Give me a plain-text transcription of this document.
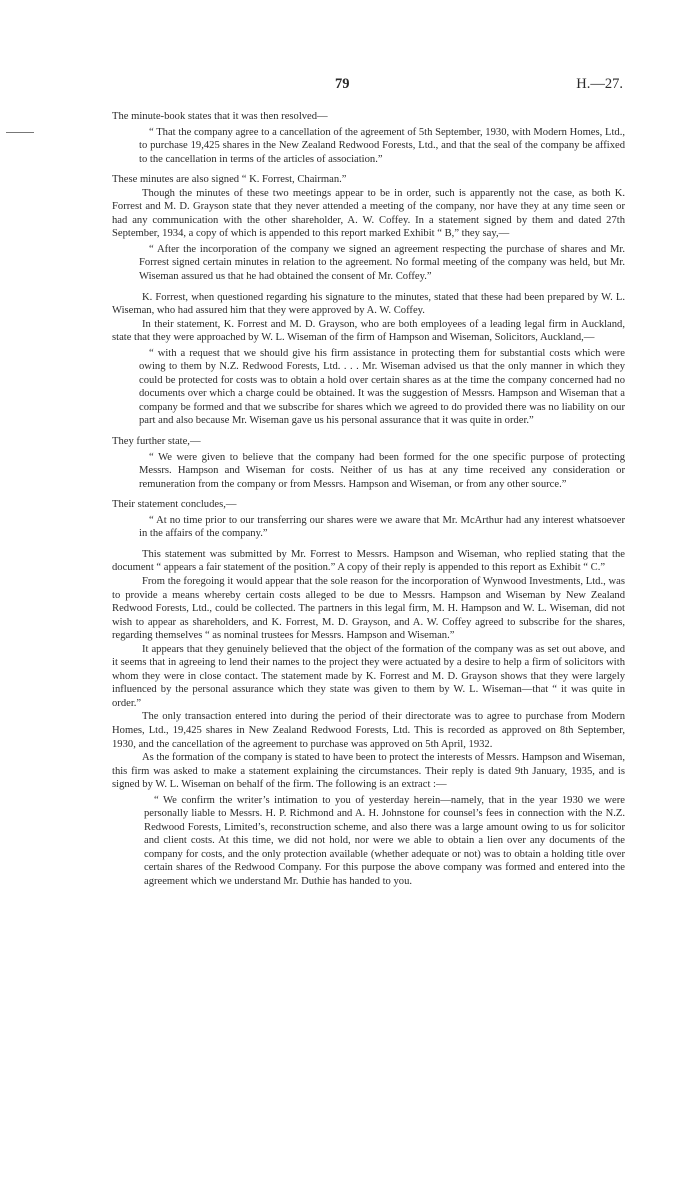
79	H.—27.

The minute-book states that it was then resolved—

“ That the company agree to a cancellation of the agreement of 5th September, 1930, with Modern Homes, Ltd., to purchase 19,425 shares in the New Zealand Redwood Forests, Ltd., and that the seal of the company be affixed to the cancellation in terms of the articles of association.”

These minutes are also signed “ K. Forrest, Chairman.”

Though the minutes of these two meetings appear to be in order, such is apparently not the case, as both K. Forrest and M. D. Grayson state that they never attended a meeting of the company, nor have they at any time seen or had any communication with the other shareholder, A. W. Coffey. In a statement signed by them and dated 27th September, 1934, a copy of which is appended to this report marked Exhibit “ B,” they say,—

“ After the incorporation of the company we signed an agreement respecting the purchase of shares and Mr. Forrest signed certain minutes in relation to the agreement. No formal meeting of the company was held, but Mr. Wiseman assured us that he had obtained the consent of Mr. Coffey.”

K. Forrest, when questioned regarding his signature to the minutes, stated that these had been prepared by W. L. Wiseman, who had assured him that they were approved by A. W. Coffey.

In their statement, K. Forrest and M. D. Grayson, who are both employees of a leading legal firm in Auckland, state that they were approached by W. L. Wiseman of the firm of Hampson and Wiseman, Solicitors, Auckland,—

“ with a request that we should give his firm assistance in protecting them for substantial costs which were owing to them by N.Z. Redwood Forests, Ltd. . . . Mr. Wiseman advised us that the only manner in which they could be protected for costs was to obtain a hold over certain shares as at the time the company concerned had no documents over which a charge could be obtained. It was the suggestion of Messrs. Hampson and Wiseman that a company be formed and that we subscribe for shares which we agreed to do provided there was no liability on our part and also because Mr. Wiseman gave us his personal assurance that it was quite in order.”

They further state,—

“ We were given to believe that the company had been formed for the one specific purpose of protecting Messrs. Hampson and Wiseman for costs. Neither of us has at any time received any consideration or remuneration from the company or from Messrs. Hampson and Wiseman, or from any other source.”

Their statement concludes,—

“ At no time prior to our transferring our shares were we aware that Mr. McArthur had any interest whatsoever in the affairs of the company.”

This statement was submitted by Mr. Forrest to Messrs. Hampson and Wiseman, who replied stating that the document “ appears a fair statement of the position.” A copy of their reply is appended to this report as Exhibit “ C.”

From the foregoing it would appear that the sole reason for the incorporation of Wynwood Investments, Ltd., was to provide a means whereby certain costs alleged to be due to Messrs. Hampson and Wiseman by New Zealand Redwood Forests, Ltd., could be collected. The partners in this legal firm, M. H. Hampson and W. L. Wiseman, did not wish to appear as shareholders, and K. Forrest, M. D. Grayson, and A. W. Coffey agreed to subscribe for the shares, regarding themselves “ as nominal trustees for Messrs. Hampson and Wiseman.”

It appears that they genuinely believed that the object of the formation of the company was as set out above, and it seems that in agreeing to lend their names to the project they were actuated by a desire to help a firm of solicitors with whom they were in close contact. The statement made by K. Forrest and M. D. Grayson shows that they were largely influenced by the personal assurance which they state was given to them by W. L. Wiseman—that “ it was quite in order.”

The only transaction entered into during the period of their directorate was to agree to purchase from Modern Homes, Ltd., 19,425 shares in New Zealand Redwood Forests, Ltd. This is recorded as approved on 8th September, 1930, and the cancellation of the agreement to purchase was approved on 5th April, 1932.

As the formation of the company is stated to have been to protect the interests of Messrs. Hampson and Wiseman, this firm was asked to make a statement explaining the circumstances. Their reply is dated 9th January, 1935, and is signed by W. L. Wiseman on behalf of the firm. The following is an extract :—

“ We confirm the writer’s intimation to you of yesterday herein—namely, that in the year 1930 we were personally liable to Messrs. H. P. Richmond and A. H. Johnstone for counsel’s fees in connection with the N.Z. Redwood Forests, Limited’s, reconstruction scheme, and also there was a large amount owing to us for solicitor and client costs. At this time, we did not hold, nor were we able to obtain a lien over any documents of the company for costs, and the only protection available (whether adequate or not) was to obtain a holding title over certain shares of the Redwood Company. For this purpose the above company was formed and entered into the agreement which we understand Mr. Duthie has handed to you.
